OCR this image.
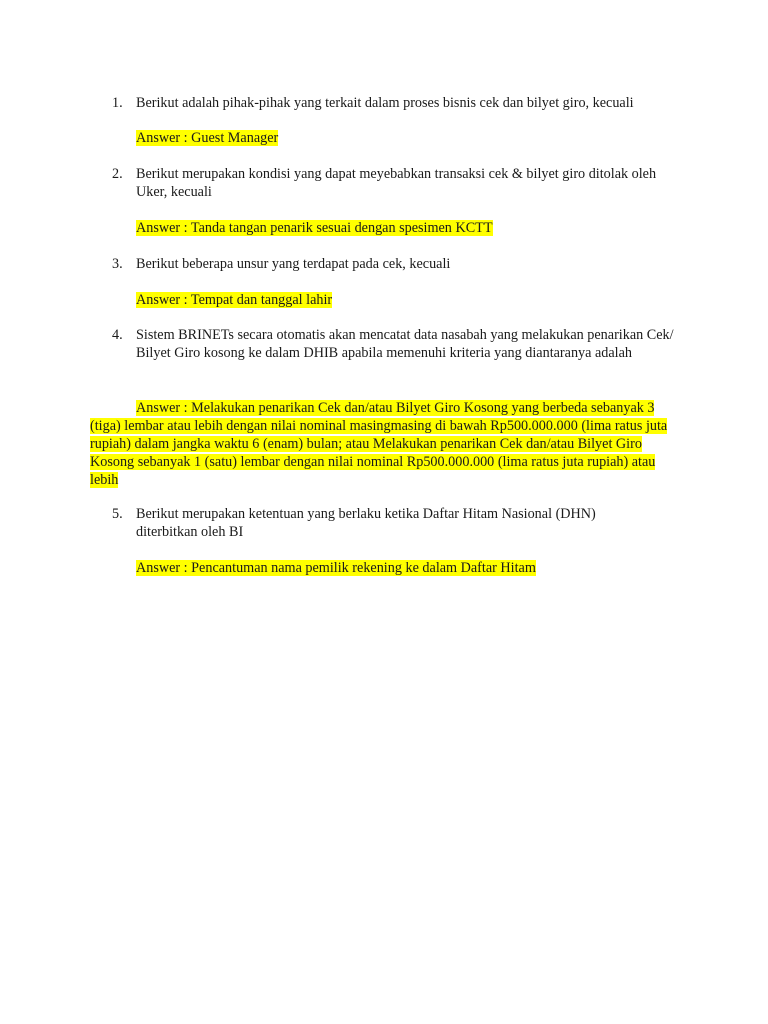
1. Berikut adalah pihak-pihak yang terkait dalam proses bisnis cek dan bilyet giro, kecuali

Answer : Guest Manager

2. Berikut merupakan kondisi yang dapat meyebabkan transaksi cek & bilyet giro ditolak oleh Uker, kecuali

Answer : Tanda tangan penarik sesuai dengan spesimen KCTT

3. Berikut beberapa unsur yang terdapat pada cek, kecuali

Answer : Tempat dan tanggal lahir

4. Sistem BRINETs secara otomatis akan mencatat data nasabah yang melakukan penarikan Cek/ Bilyet Giro kosong ke dalam DHIB apabila memenuhi kriteria yang diantaranya adalah

Answer : Melakukan penarikan Cek dan/atau Bilyet Giro Kosong yang berbeda sebanyak 3 (tiga) lembar atau lebih dengan nilai nominal masingmasing di bawah Rp500.000.000 (lima ratus juta rupiah) dalam jangka waktu 6 (enam) bulan; atau Melakukan penarikan Cek dan/atau Bilyet Giro Kosong sebanyak 1 (satu) lembar dengan nilai nominal Rp500.000.000 (lima ratus juta rupiah) atau lebih

5. Berikut merupakan ketentuan yang berlaku ketika Daftar Hitam Nasional (DHN) diterbitkan oleh BI

Answer : Pencantuman nama pemilik rekening ke dalam Daftar Hitam
